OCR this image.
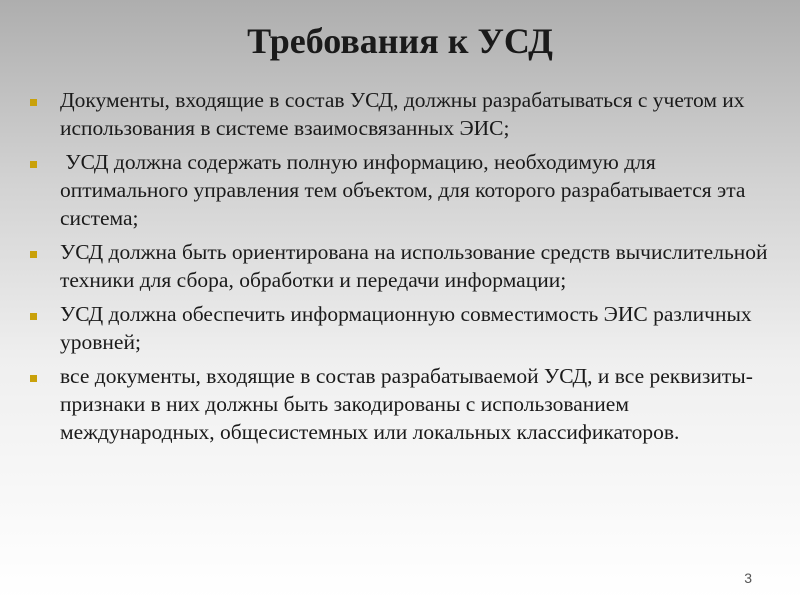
Требования к УСД
Документы, входящие в состав УСД, должны разрабатываться с учетом их использования в системе взаимосвязанных ЭИС;
УСД должна содержать полную информацию, необходимую для оптимального управления тем объектом, для которого разрабатывается эта система;
УСД должна быть ориентирована на использование средств вычислительной техники для сбора, обработки и передачи информации;
УСД должна обеспечить информационную совместимость ЭИС различных уровней;
все документы, входящие в состав разрабатываемой УСД, и все реквизиты-признаки в них должны быть закодированы с использованием международных, общесистемных или локальных классификаторов.
3
